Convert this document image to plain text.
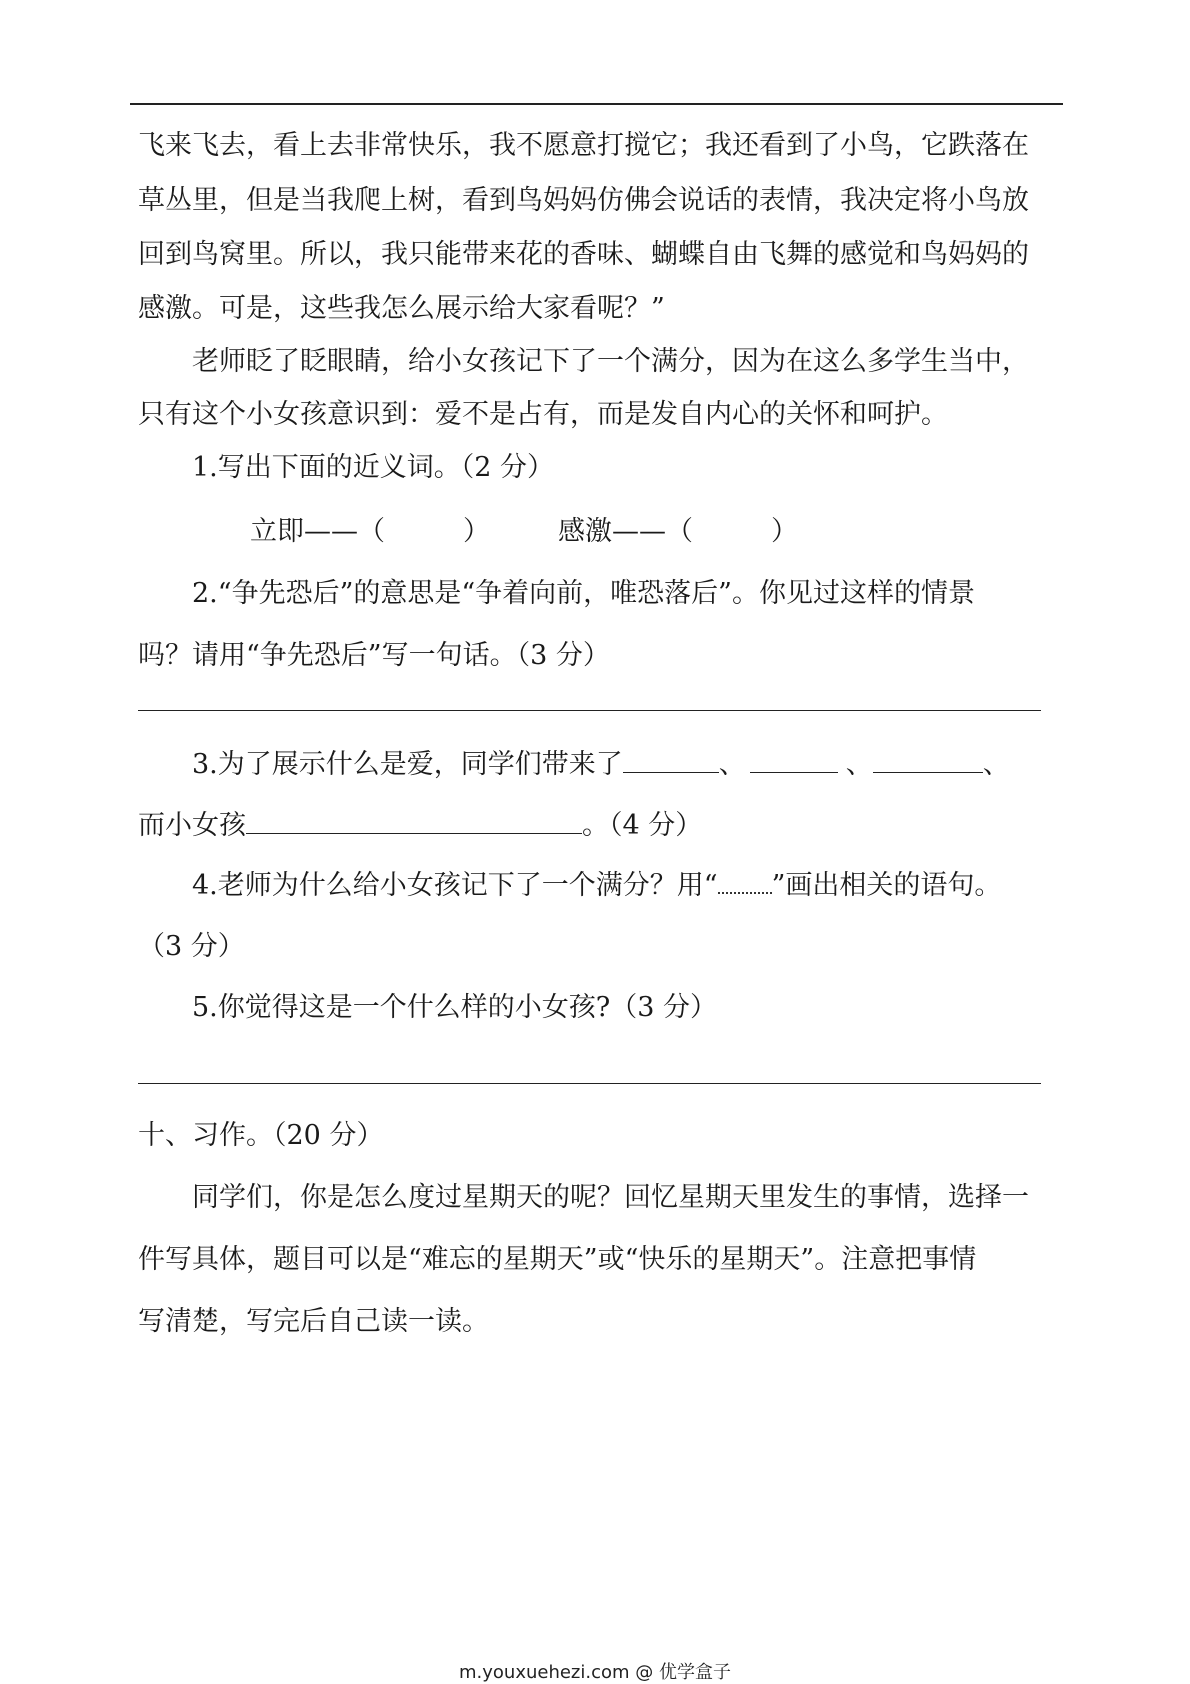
飞来飞去，看上去非常快乐，我不愿意打搅它；我还看到了小鸟，它跌落在
草丛里，但是当我爬上树，看到鸟妈妈仿佛会说话的表情，我决定将小鸟放
回到鸟窝里。所以，我只能带来花的香味、蝴蝶自由飞舞的感觉和鸟妈妈的
感激。可是，这些我怎么展示给大家看呢？”
老师眨了眨眼睛，给小女孩记下了一个满分，因为在这么多学生当中，
只有这个小女孩意识到：爱不是占有，而是发自内心的关怀和呵护。
1.写出下面的近义词。（2 分）
立即——（	）	感激——（	）
2.“争先恐后”的意思是“争着向前，唯恐落后”。你见过这样的情景
吗？请用“争先恐后”写一句话。（3 分）
3.为了展示什么是爱，同学们带来了	、	、	、
而小女孩	。（4 分）
4.老师为什么给小女孩记下了一个满分？用“ ”画出相关的语句。
（3 分）
5.你觉得这是一个什么样的小女孩?（3 分）
十、习作。（20 分）
同学们，你是怎么度过星期天的呢？回忆星期天里发生的事情，选择一
件写具体，题目可以是“难忘的星期天”或“快乐的星期天”。注意把事情
写清楚，写完后自己读一读。
m.youxuehezi.com @ 优学盒子
